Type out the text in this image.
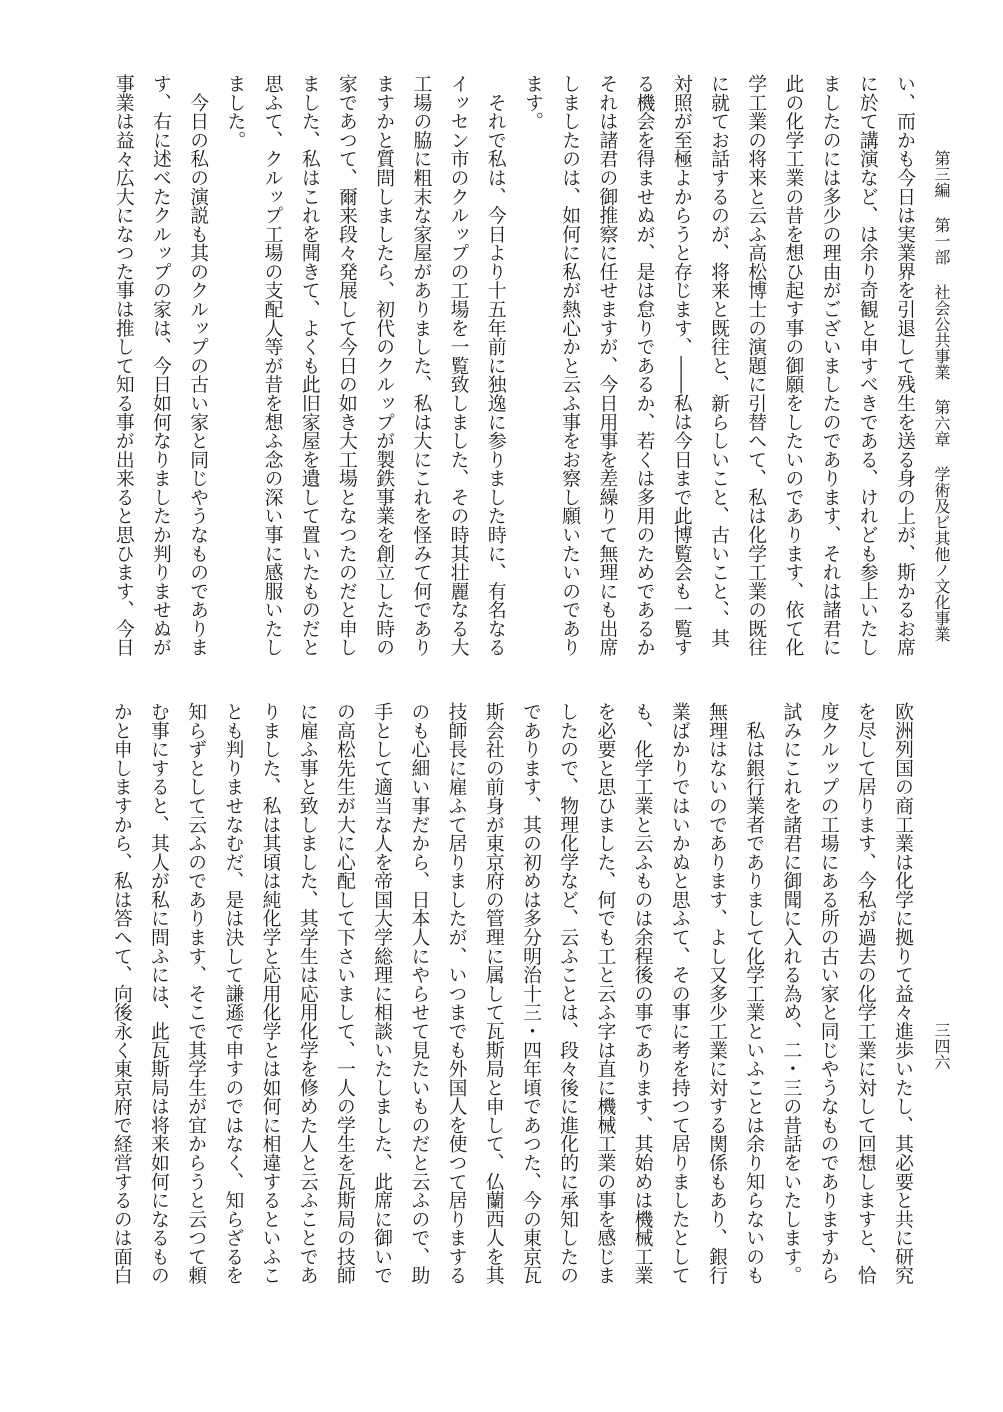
第三編 第一部 社会公共事業 第六章 学術及ビ其他ノ文化事業
三四六
い、而かも今日は実業界を引退して残生を送る身の上が、斯かるお席
に於て講演など、は余り奇観と申すべきである、けれども参上いたし
ましたのには多少の理由がございましたのであります、それは諸君に
此の化学工業の昔を想ひ起す事の御願をしたいのであります、依て化
学工業の将来と云ふ高松博士の演題に引替へて、私は化学工業の既往
に就てお話するのが、将来と既往と、新らしいこと、古いこと、、其
対照が至極よからうと存じます、――私は今日まで此博覧会も一覧す
る機会を得ませぬが、是は怠りであるか、若くは多用のためであるか
それは諸君の御推察に任せますが、今日用事を差繰りて無理にも出席
しましたのは、如何に私が熱心かと云ふ事をお察し願いたいのであり
ます。
　それで私は、今日より十五年前に独逸に参りました時に、有名なる
イッセン市のクルップの工場を一覧致しました、その時其壮麗なる大
工場の脇に粗末な家屋がありました、私は大にこれを怪みて何であり
ますかと質問しましたら、初代のクルップが製鉄事業を創立した時の
家であつて、爾来段々発展して今日の如き大工場となつたのだと申し
ました、私はこれを聞きて、よくも此旧家屋を遺して置いたものだと
思ふて、クルップ工場の支配人等が昔を想ふ念の深い事に感服いたし
ました。
　今日の私の演説も其のクルップの古い家と同じやうなものでありま
す、右に述べたクルップの家は、今日如何なりましたか判りませぬが
事業は益々広大になつた事は推して知る事が出来ると思ひます、今日
欧洲列国の商工業は化学に拠りて益々進歩いたし、其必要と共に研究
を尽して居ります、今私が過去の化学工業に対して回想しますと、恰
度クルップの工場にある所の古い家と同じやうなものでありますから
試みにこれを諸君に御聞に入れる為め、二・三の昔話をいたします。
　私は銀行業者でありまして化学工業といふことは余り知らないのも
無理はないのであります、よし又多少工業に対する関係もあり、銀行
業ばかりではいかぬと思ふて、その事に考を持つて居りましたとして
も、化学工業と云ふものは余程後の事であります、其始めは機械工業
を必要と思ひました、何でも工と云ふ字は直に機械工業の事を感じま
したので、物理化学など、云ふことは、段々後に進化的に承知したの
であります、其の初めは多分明治十三・四年頃であつた、今の東京瓦
斯会社の前身が東京府の管理に属して瓦斯局と申して、仏蘭西人を其
技師長に雇ふて居りましたが、いつまでも外国人を使つて居りまする
のも心細い事だから、日本人にやらせて見たいものだと云ふので、助
手として適当な人を帝国大学総理に相談いたしました、此席に御いで
の高松先生が大に心配して下さいまして、一人の学生を瓦斯局の技師
に雇ふ事と致しました、其学生は応用化学を修めた人と云ふことであ
りました、私は其頃は純化学と応用化学とは如何に相違するといふこ
とも判りませなむだ、是は決して謙遜で申すのではなく、知らざるを
知らずとして云ふのであります、そこで其学生が宜からうと云つて頼
む事にすると、其人が私に問ふには、此瓦斯局は将来如何になるもの
かと申しますから、私は答へて、向後永く東京府で経営するのは面白
